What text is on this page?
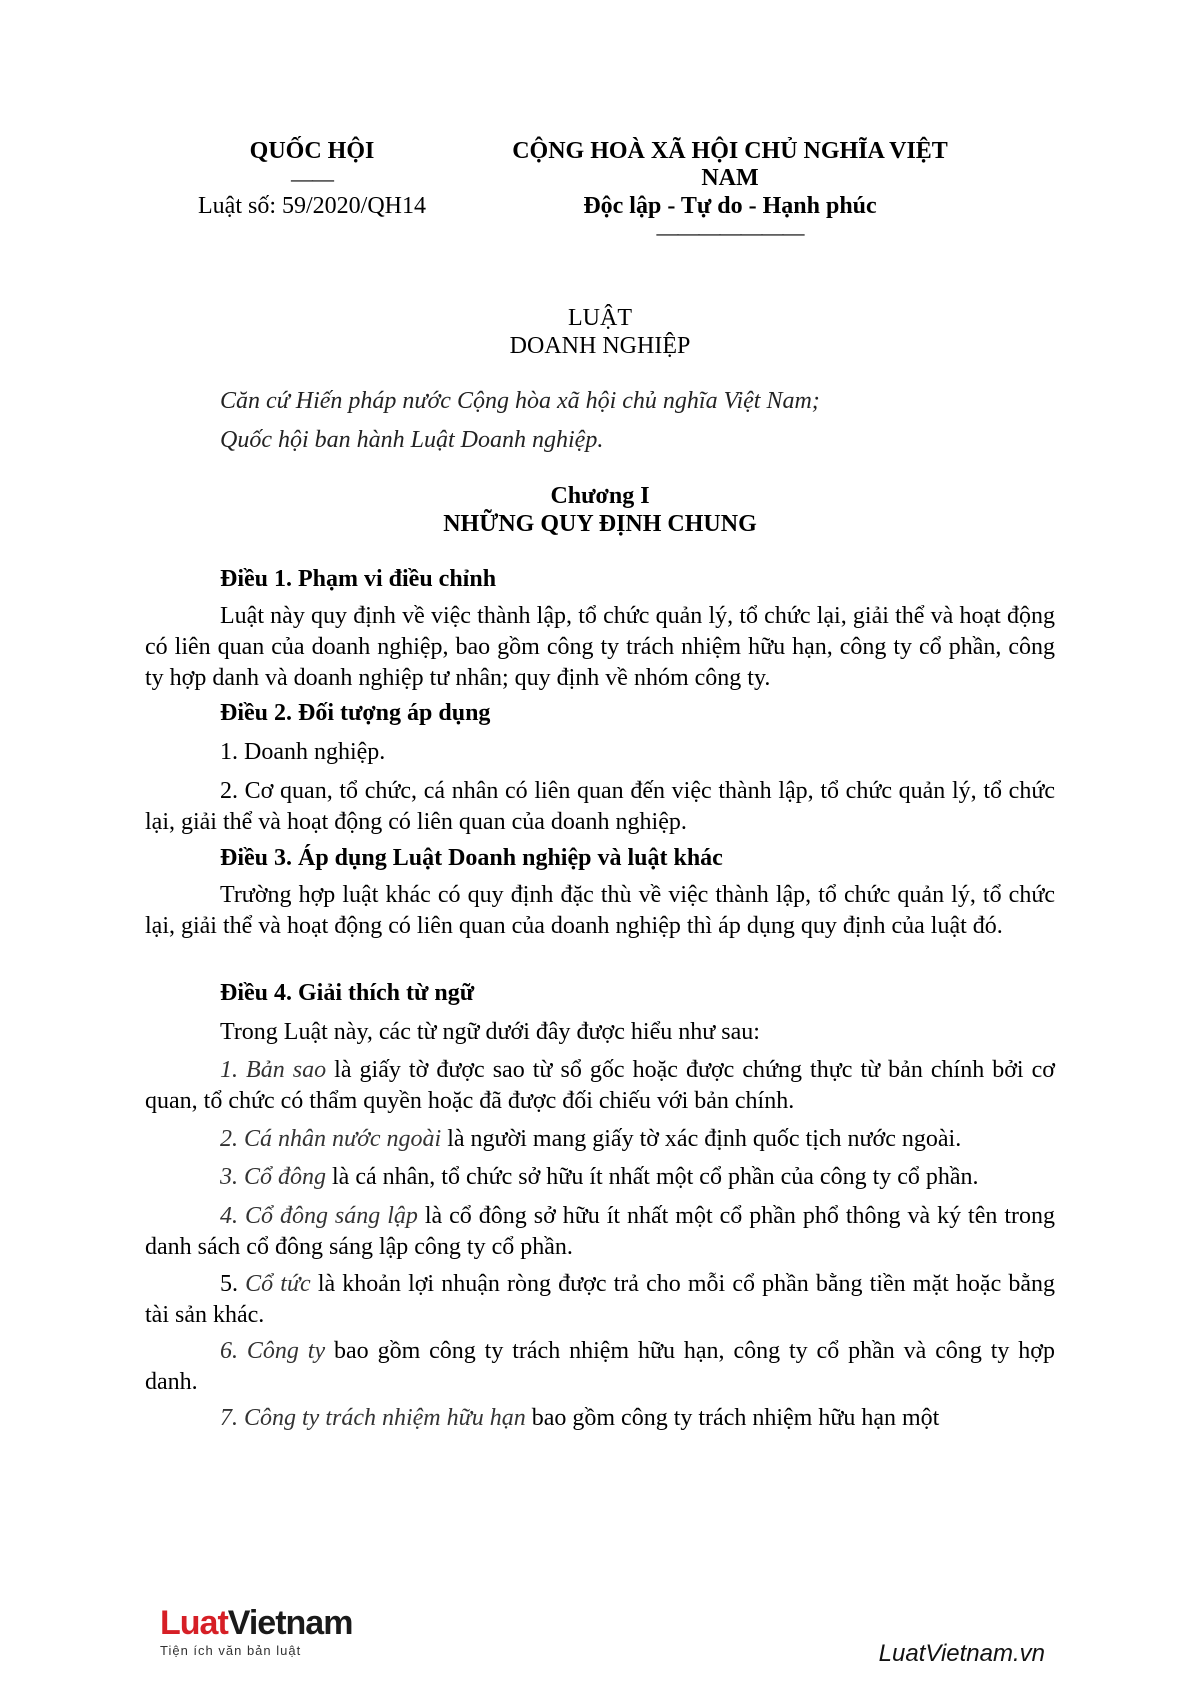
QUỐC HỘI
——
Luật số: 59/2020/QH14
CỘNG HOÀ XÃ HỘI CHỦ NGHĨA VIỆT
NAM
Độc lập - Tự do - Hạnh phúc
———————
LUẬT
DOANH NGHIỆP
Căn cứ Hiến pháp nước Cộng hòa xã hội chủ nghĩa Việt Nam;
Quốc hội ban hành Luật Doanh nghiệp.
Chương I
NHỮNG QUY ĐỊNH CHUNG
Điều 1. Phạm vi điều chỉnh
Luật này quy định về việc thành lập, tổ chức quản lý, tổ chức lại, giải thể và hoạt động có liên quan của doanh nghiệp, bao gồm công ty trách nhiệm hữu hạn, công ty cổ phần, công ty hợp danh và doanh nghiệp tư nhân; quy định về nhóm công ty.
Điều 2. Đối tượng áp dụng
1. Doanh nghiệp.
2. Cơ quan, tổ chức, cá nhân có liên quan đến việc thành lập, tổ chức quản lý, tổ chức lại, giải thể và hoạt động có liên quan của doanh nghiệp.
Điều 3. Áp dụng Luật Doanh nghiệp và luật khác
Trường hợp luật khác có quy định đặc thù về việc thành lập, tổ chức quản lý, tổ chức lại, giải thể và hoạt động có liên quan của doanh nghiệp thì áp dụng quy định của luật đó.
Điều 4. Giải thích từ ngữ
Trong Luật này, các từ ngữ dưới đây được hiểu như sau:
1. Bản sao là giấy tờ được sao từ sổ gốc hoặc được chứng thực từ bản chính bởi cơ quan, tổ chức có thẩm quyền hoặc đã được đối chiếu với bản chính.
2. Cá nhân nước ngoài là người mang giấy tờ xác định quốc tịch nước ngoài.
3. Cổ đông là cá nhân, tổ chức sở hữu ít nhất một cổ phần của công ty cổ phần.
4. Cổ đông sáng lập là cổ đông sở hữu ít nhất một cổ phần phổ thông và ký tên trong danh sách cổ đông sáng lập công ty cổ phần.
5. Cổ tức là khoản lợi nhuận ròng được trả cho mỗi cổ phần bằng tiền mặt hoặc bằng tài sản khác.
6. Công ty bao gồm công ty trách nhiệm hữu hạn, công ty cổ phần và công ty hợp danh.
7. Công ty trách nhiệm hữu hạn bao gồm công ty trách nhiệm hữu hạn một
LuatVietnam
Tiện ích văn bản luật	LuatVietnam.vn
